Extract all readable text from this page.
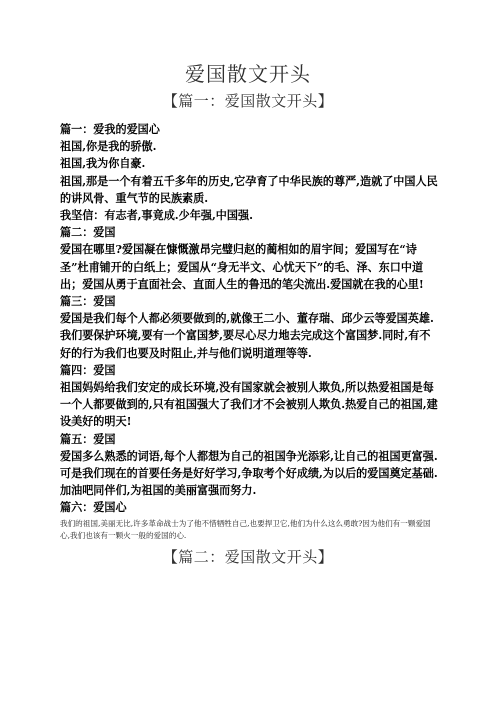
爱国散文开头
【篇一：爱国散文开头】

篇一：爱我的爱国心

祖国,你是我的骄傲.

祖国,我为你自豪.

祖国,那是一个有着五千多年的历史,它孕育了中华民族的尊严,造就了中国人民的讲风骨、重气节的民族素质.

我坚信：有志者,事竟成.少年强,中国强.

篇二：爱国

爱国在哪里?爱国凝在慷慨激昂完璧归赵的蔺相如的眉宇间；爱国写在“诗圣”杜甫铺开的白纸上；爱国从“身无半文、心忧天下”的毛、泽、东口中道出；爱国从勇于直面社会、直面人生的鲁迅的笔尖流出.爱国就在我的心里!

篇三：爱国

爱国是我们每个人都必须要做到的,就像王二小、董存瑞、邱少云等爱国英雄.

我们要保护环境,要有一个富国梦,要尽心尽力地去完成这个富国梦.同时,有不好的行为我们也要及时阻止,并与他们说明道理等等.

篇四：爱国

祖国妈妈给我们安定的成长环境,没有国家就会被别人欺负,所以热爱祖国是每一个人都要做到的,只有祖国强大了我们才不会被别人欺负.热爱自己的祖国,建设美好的明天!

篇五：爱国

爱国多么熟悉的词语,每个人都想为自己的祖国争光添彩,让自己的祖国更富强.可是我们现在的首要任务是好好学习,争取考个好成绩,为以后的爱国奠定基础.加油吧同伴们,为祖国的美丽富强而努力.

篇六：爱国心

我们的祖国,美丽无比,许多革命战士为了他不惜牺牲自己,也要捍卫它,他们为什么这么勇敢?因为他们有一颗爱国心,我们也该有一颗火一般的爱国的心.

【篇二：爱国散文开头】
